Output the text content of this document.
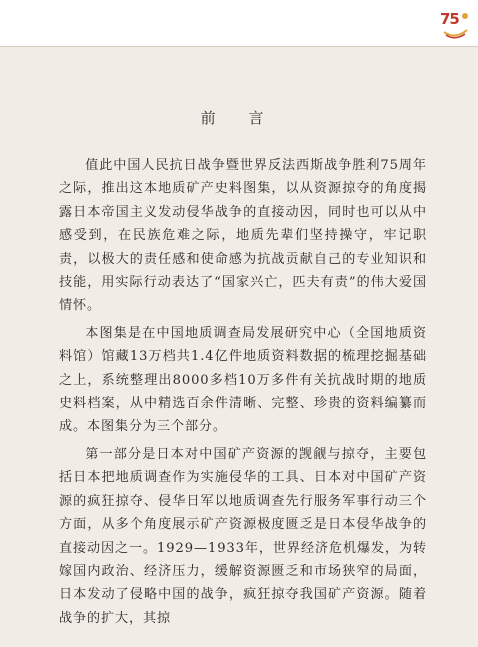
75
前 言

值此中国人民抗日战争暨世界反法西斯战争胜利75周年之际，推出这本地质矿产史料图集，以从资源掠夺的角度揭露日本帝国主义发动侵华战争的直接动因，同时也可以从中感受到，在民族危难之际，地质先辈们坚持操守，牢记职责，以极大的责任感和使命感为抗战贡献自己的专业知识和技能，用实际行动表达了“国家兴亡，匹夫有责”的伟大爱国情怀。

本图集是在中国地质调查局发展研究中心（全国地质资料馆）馆藏13万档共1.4亿件地质资料数据的梳理挖掘基础之上，系统整理出8000多档10万多件有关抗战时期的地质史料档案，从中精选百余件清晰、完整、珍贵的资料编纂而成。本图集分为三个部分。

第一部分是日本对中国矿产资源的觊觎与掠夺，主要包括日本把地质调查作为实施侵华的工具、日本对中国矿产资源的疯狂掠夺、侵华日军以地质调查先行服务军事行动三个方面，从多个角度展示矿产资源极度匮乏是日本侵华战争的直接动因之一。1929—1933年，世界经济危机爆发，为转嫁国内政治、经济压力，缓解资源匮乏和市场狭窄的局面，日本发动了侵略中国的战争，疯狂掠夺我国矿产资源。随着战争的扩大，其掠
